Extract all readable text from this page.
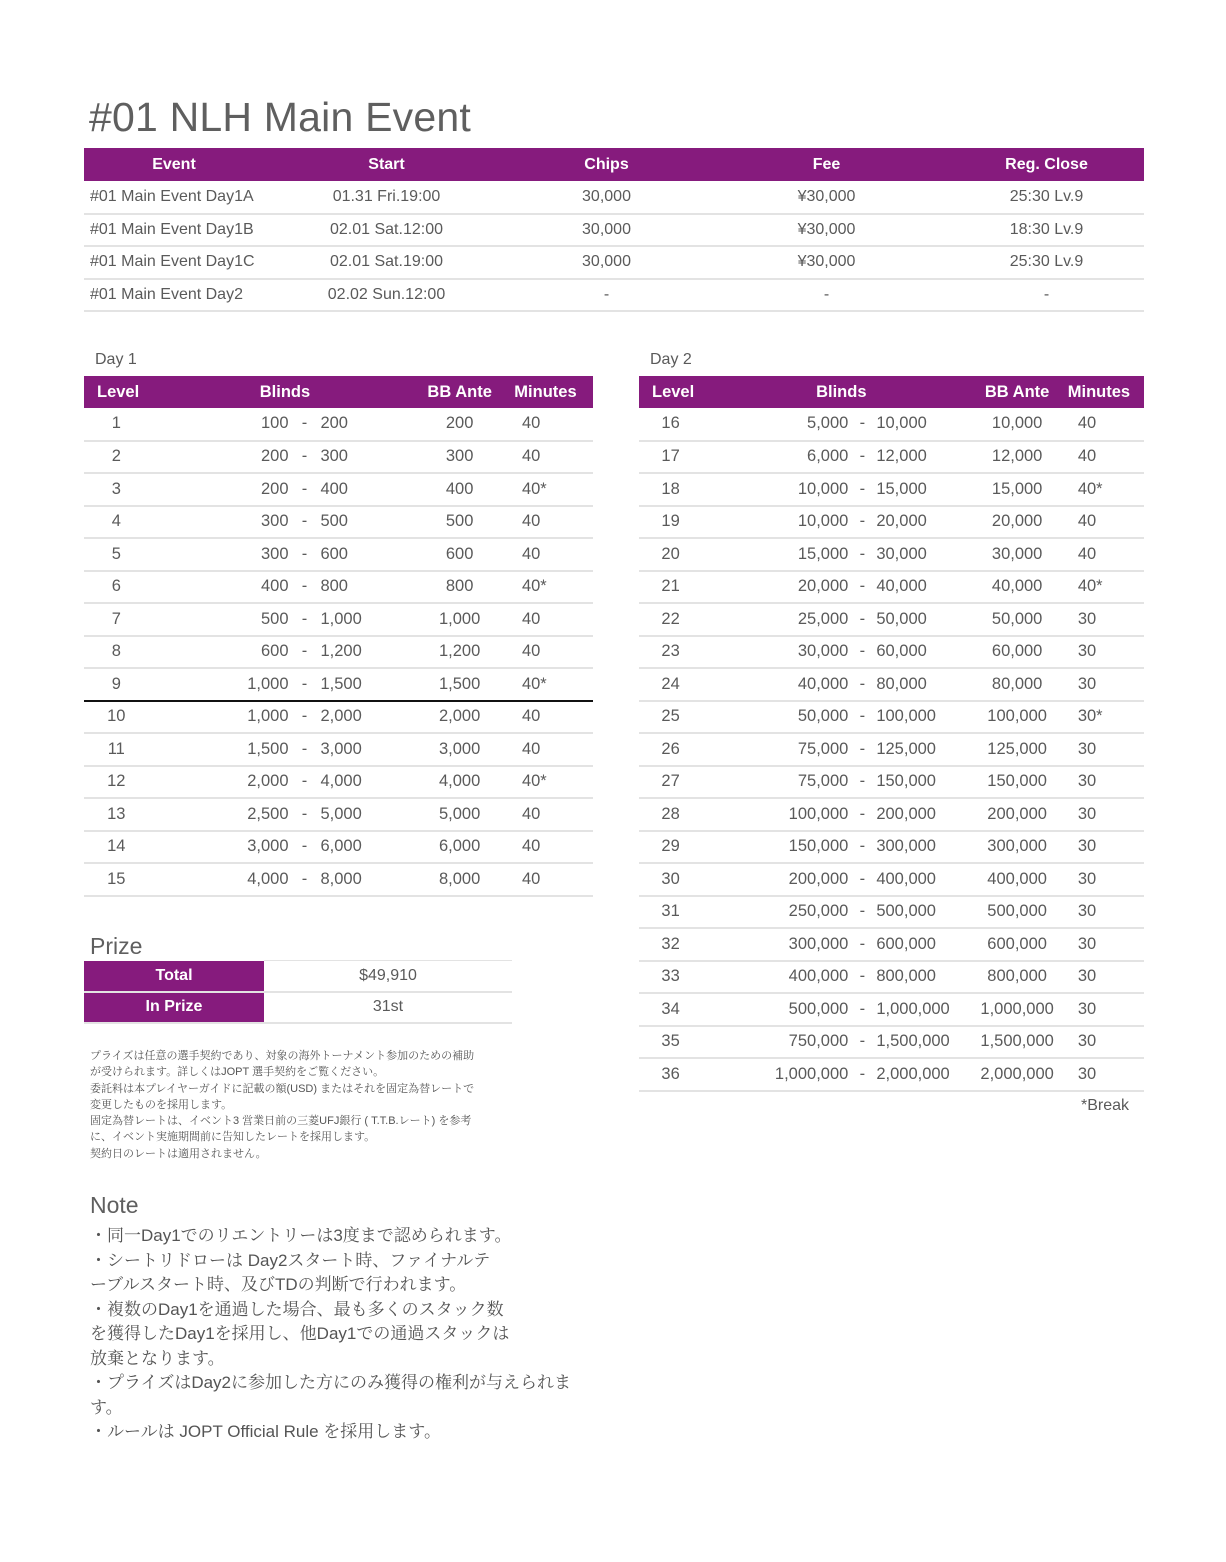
#01 NLH Main Event
Event	Start	Chips	Fee	Reg. Close
#01 Main Event Day1A	01.31 Fri.19:00	30,000	¥30,000	25:30 Lv.9
#01 Main Event Day1B	02.01 Sat.12:00	30,000	¥30,000	18:30 Lv.9
#01 Main Event Day1C	02.01 Sat.19:00	30,000	¥30,000	25:30 Lv.9
#01 Main Event Day2	02.02 Sun.12:00	-	-	-
Day 1	Day 2
Level	Blinds			BB Ante	Minutes
1	100	-	200	200	40
2	200	-	300	300	40
3	200	-	400	400	40*
4	300	-	500	500	40
5	300	-	600	600	40
6	400	-	800	800	40*
7	500	-	1,000	1,000	40
8	600	-	1,200	1,200	40
9	1,000	-	1,500	1,500	40*
10	1,000	-	2,000	2,000	40
11	1,500	-	3,000	3,000	40
12	2,000	-	4,000	4,000	40*
13	2,500	-	5,000	5,000	40
14	3,000	-	6,000	6,000	40
15	4,000	-	8,000	8,000	40
Level	Blinds			BB Ante	Minutes
16	5,000	-	10,000	10,000	40
17	6,000	-	12,000	12,000	40
18	10,000	-	15,000	15,000	40*
19	10,000	-	20,000	20,000	40
20	15,000	-	30,000	30,000	40
21	20,000	-	40,000	40,000	40*
22	25,000	-	50,000	50,000	30
23	30,000	-	60,000	60,000	30
24	40,000	-	80,000	80,000	30
25	50,000	-	100,000	100,000	30*
26	75,000	-	125,000	125,000	30
27	75,000	-	150,000	150,000	30
28	100,000	-	200,000	200,000	30
29	150,000	-	300,000	300,000	30
30	200,000	-	400,000	400,000	30
31	250,000	-	500,000	500,000	30
32	300,000	-	600,000	600,000	30
33	400,000	-	800,000	800,000	30
34	500,000	-	1,000,000	1,000,000	30
35	750,000	-	1,500,000	1,500,000	30
36	1,000,000	-	2,000,000	2,000,000	30
*Break
Prize
Total	$49,910
In Prize	31st

プライズは任意の選手契約であり、対象の海外トーナメント参加のための補助

が受けられます。詳しくはJOPT 選手契約をご覧ください。

委託料は本プレイヤーガイドに記載の額(USD) またはそれを固定為替レートで

変更したものを採用します。

固定為替レートは、イベント3 営業日前の三菱UFJ銀行 ( T.T.B.レート) を参考

に、イベント実施期間前に告知したレートを採用します。

契約日のレートは適用されません。

Note

・同一Day1でのリエントリーは3度まで認められます。

・シートリドローは Day2スタート時、ファイナルテ

ーブルスタート時、及びTDの判断で行われます。

・複数のDay1を通過した場合、最も多くのスタック数

を獲得したDay1を採用し、他Day1での通過スタックは

放棄となります。

・プライズはDay2に参加した方にのみ獲得の権利が与えられま

す。

・ルールは JOPT Official Rule を採用します。
